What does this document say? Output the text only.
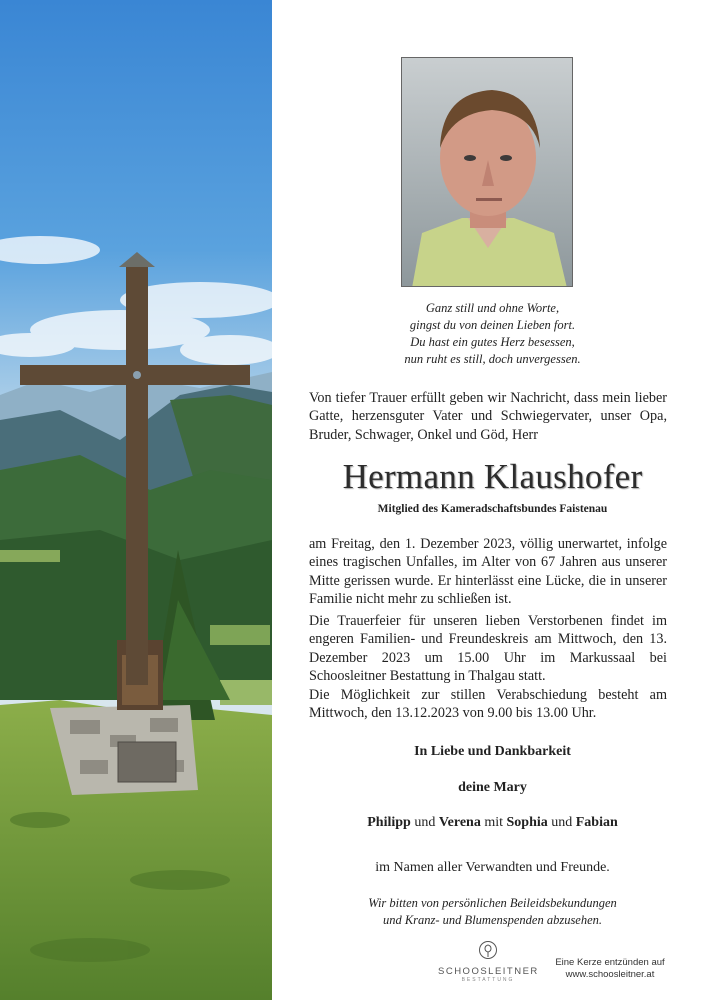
Ganz still und ohne Worte,
gingst du von deinen Lieben fort.
Du hast ein gutes Herz besessen,
nun ruht es still, doch unvergessen.
Von tiefer Trauer erfüllt geben wir Nachricht, dass mein lieber Gatte, herzensguter Vater und Schwiegervater, unser Opa, Bruder, Schwager, Onkel und Göd, Herr
Hermann Klaushofer
Mitglied des Kameradschaftsbundes Faistenau
am Freitag, den 1. Dezember 2023, völlig unerwartet, infolge eines tragischen Unfalles, im Alter von 67 Jahren aus unserer Mitte gerissen wurde. Er hinterlässt eine Lücke, die in unserer Familie nicht mehr zu schließen ist.
Die Trauerfeier für unseren lieben Verstorbenen findet im engeren Familien- und Freundeskreis am Mittwoch, den 13. Dezember 2023 um 15.00 Uhr im Markussaal bei Schoosleitner Bestattung in Thalgau statt.
Die Möglichkeit zur stillen Verabschiedung besteht am Mittwoch, den 13.12.2023 von 9.00 bis 13.00 Uhr.
In Liebe und Dankbarkeit
deine Mary
Philipp und Verena mit Sophia und Fabian
im Namen aller Verwandten und Freunde.
Wir bitten von persönlichen Beileidsbekundungen
und Kranz- und Blumenspenden abzusehen.
SCHOOSLEITNER
BESTATTUNG
Eine Kerze entzünden auf
www.schoosleitner.at
